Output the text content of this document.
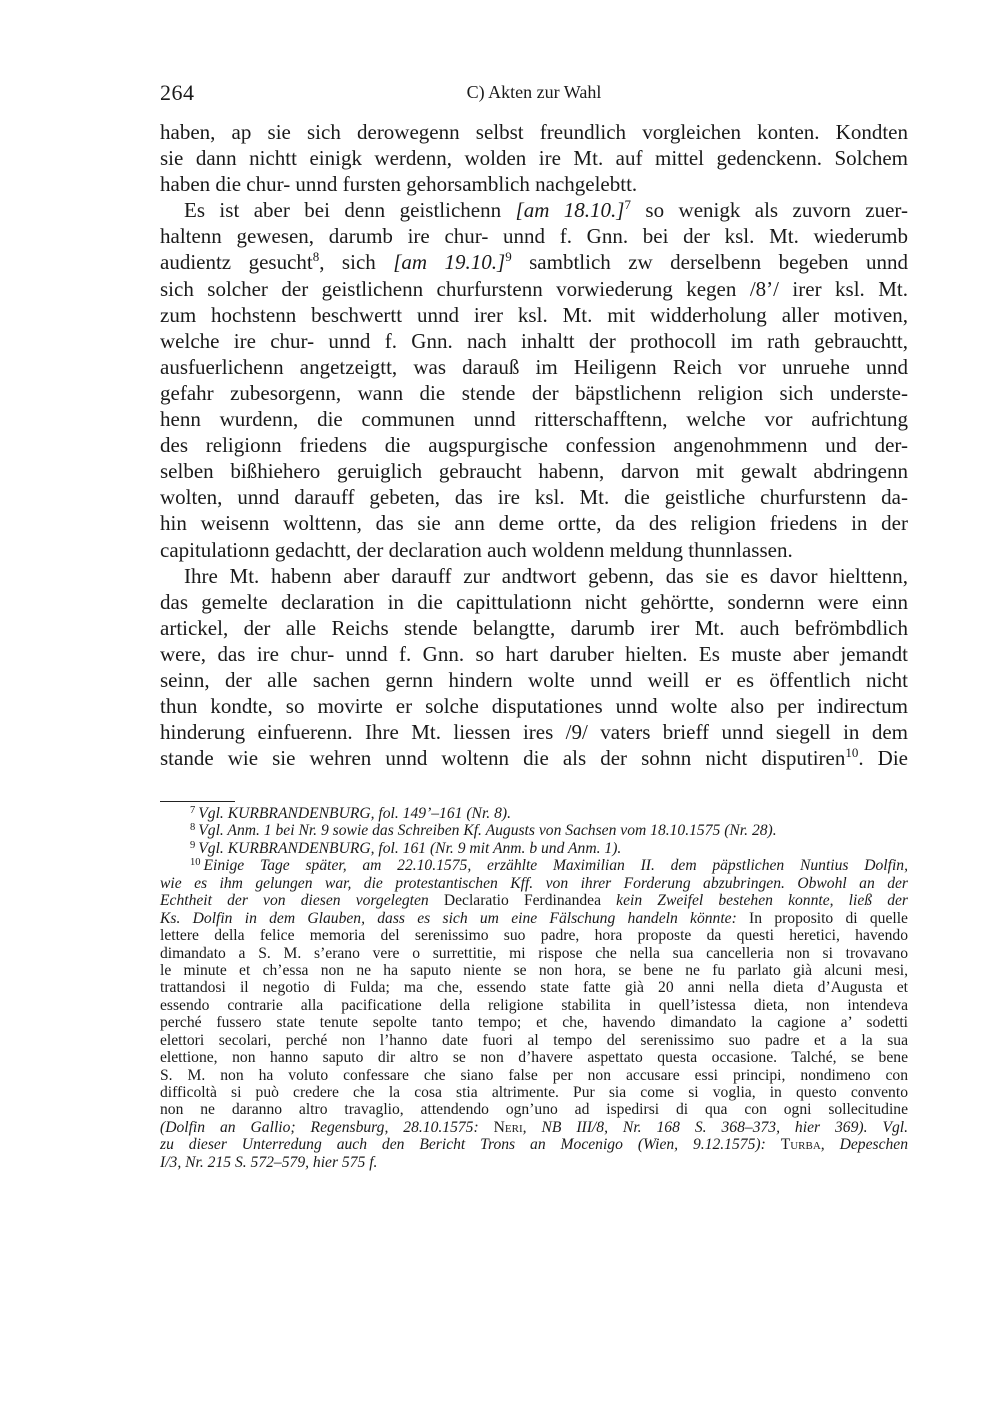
264	C) Akten zur Wahl
haben, ap sie sich derowegenn selbst freundlich vorgleichen konten. Kondten
sie dann nichtt einigk werdenn, wolden ire Mt. auf mittel gedenckenn. Solchem
haben die chur- unnd fursten gehorsamblich nachgelebtt.
Es ist aber bei denn geistlichenn [am 18.10.]$^7$ so wenigk als zuvorn zuer-
haltenn gewesen, darumb ire chur- unnd f. Gnn. bei der ksl. Mt. wiederumb
audientz gesucht$^8$, sich [am 19.10.]$^9$ sambtlich zw derselbenn begeben unnd
sich solcher der geistlichenn churfurstenn vorwiederung kegen /8’/ irer ksl. Mt.
zum hochstenn beschwertt unnd irer ksl. Mt. mit widderholung aller motiven,
welche ire chur- unnd f. Gnn. nach inhaltt der prothocoll im rath gebrauchtt,
ausfuerlichenn angetzeigtt, was darauß im Heiligenn Reich vor unruehe unnd
gefahr zubesorgenn, wann die stende der bäpstlichenn religion sich underste-
henn wurdenn, die communen unnd ritterschafftenn, welche vor aufrichtung
des religionn friedens die augspurgische confession angenohmmenn und der-
selben bißhiehero geruiglich gebraucht habenn, darvon mit gewalt abdringenn
wolten, unnd darauff gebeten, das ire ksl. Mt. die geistliche churfurstenn da-
hin weisenn wolttenn, das sie ann deme ortte, da des religion friedens in der
capitulationn gedachtt, der declaration auch woldenn meldung thunnlassen.
Ihre Mt. habenn aber darauff zur andtwort gebenn, das sie es davor hielttenn,
das gemelte declaration in die capittulationn nicht gehörtte, sondernn were einn
artickel, der alle Reichs stende belangtte, darumb irer Mt. auch befrömbdlich
were, das ire chur- unnd f. Gnn. so hart daruber hielten. Es muste aber jemandt
seinn, der alle sachen gernn hindern wolte unnd weill er es öffentlich nicht
thun kondte, so movirte er solche disputationes unnd wolte also per indirectum
hinderung einfuerenn. Ihre Mt. liessen ires /9/ vaters brieff unnd siegell in dem
stande wie sie wehren unnd woltenn die als der sohnn nicht disputiren$^{10}$. Die
$^7$ Vgl. KURBRANDENBURG, fol. 149’–161 (Nr. 8).
$^8$ Vgl. Anm. 1 bei Nr. 9 sowie das Schreiben Kf. Augusts von Sachsen vom 18.10.1575 (Nr. 28).
$^9$ Vgl. KURBRANDENBURG, fol. 161 (Nr. 9 mit Anm. b und Anm. 1).
$^{10}$ Einige Tage später, am 22.10.1575, erzählte Maximilian II. dem päpstlichen Nuntius Dolfin,
wie es ihm gelungen war, die protestantischen Kff. von ihrer Forderung abzubringen. Obwohl an der
Echtheit der von diesen vorgelegten Declaratio Ferdinandea kein Zweifel bestehen konnte, ließ der
Ks. Dolfin in dem Glauben, dass es sich um eine Fälschung handeln könnte: In proposito di quelle
lettere della felice memoria del serenissimo suo padre, hora proposte da questi heretici, havendo
dimandato a S. M. s’erano vere o surrettitie, mi rispose che nella sua cancelleria non si trovavano
le minute et ch’essa non ne ha saputo niente se non hora, se bene ne fu parlato già alcuni mesi,
trattandosi il negotio di Fulda; ma che, essendo state fatte già 20 anni nella dieta d’Augusta et
essendo contrarie alla pacificatione della religione stabilita in quell’istessa dieta, non intendeva
perché fussero state tenute sepolte tanto tempo; et che, havendo dimandato la cagione a’ sodetti
elettori secolari, perché non l’hanno date fuori al tempo del serenissimo suo padre et a la sua
elettione, non hanno saputo dir altro se non d’havere aspettato questa occasione. Talché, se bene
S. M. non ha voluto confessare che siano false per non accusare essi principi, nondimeno con
difficoltà si può credere che la cosa stia altrimente. Pur sia come si voglia, in questo convento
non ne daranno altro travaglio, attendendo ogn’uno ad ispedirsi di qua con ogni sollecitudine
(Dolfin an Gallio; Regensburg, 28.10.1575: Neri, NB III/8, Nr. 168 S. 368–373, hier 369). Vgl.
zu dieser Unterredung auch den Bericht Trons an Mocenigo (Wien, 9.12.1575): Turba, Depeschen
I/3, Nr. 215 S. 572–579, hier 575 f.
